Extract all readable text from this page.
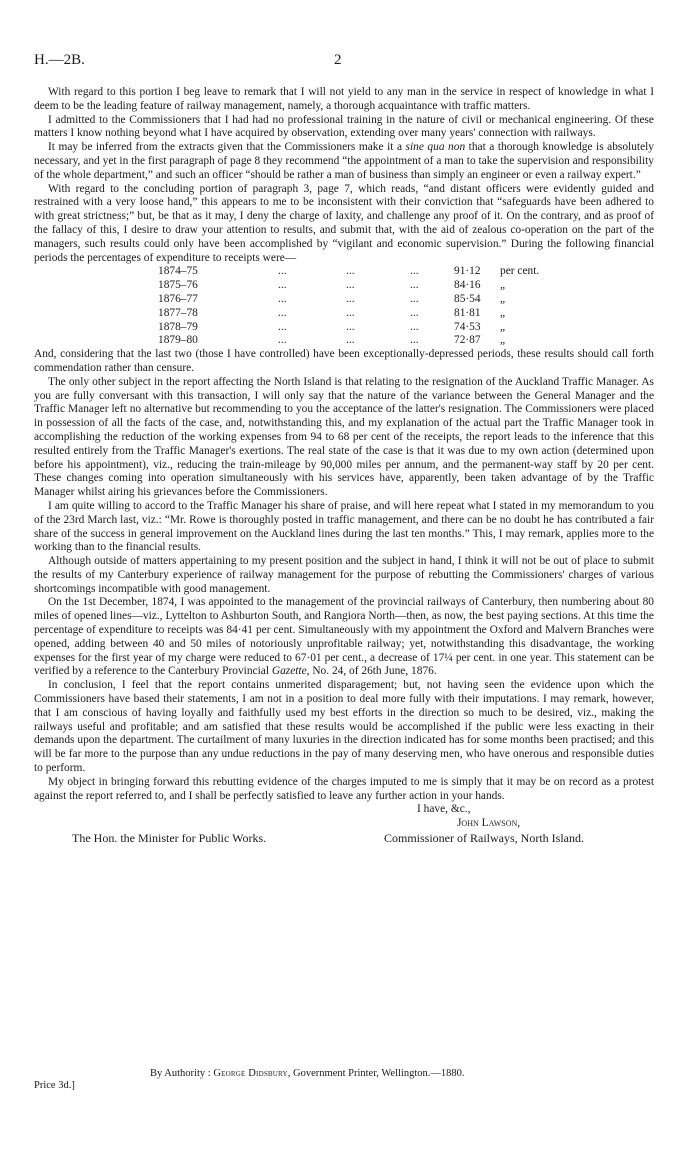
H.—2B.	2

With regard to this portion I beg leave to remark that I will not yield to any man in the service in respect of knowledge in what I deem to be the leading feature of railway management, namely, a thorough acquaintance with traffic matters.

I admitted to the Commissioners that I had had no professional training in the nature of civil or mechanical engineering. Of these matters I know nothing beyond what I have acquired by observation, extending over many years' connection with railways.

It may be inferred from the extracts given that the Commissioners make it a sine qua non that a thorough knowledge is absolutely necessary, and yet in the first paragraph of page 8 they recommend “the appointment of a man to take the supervision and responsibility of the whole department,” and such an officer “should be rather a man of business than simply an engineer or even a railway expert.”

With regard to the concluding portion of paragraph 3, page 7, which reads, “and distant officers were evidently guided and restrained with a very loose hand,” this appears to me to be inconsistent with their conviction that “safeguards have been adhered to with great strictness;” but, be that as it may, I deny the charge of laxity, and challenge any proof of it. On the contrary, and as proof of the fallacy of this, I desire to draw your attention to results, and submit that, with the aid of zealous co-operation on the part of the managers, such results could only have been accomplished by “vigilant and economic supervision.” During the following financial periods the percentages of expenditure to receipts were—

1874–75	...	...	...	91·12 per cent.
1875–76	...	...	...	84·16 „
1876–77	...	...	...	85·54 „
1877–78	...	...	...	81·81 „
1878–79	...	...	...	74·53 „
1879–80	...	...	...	72·87 „

And, considering that the last two (those I have controlled) have been exceptionally-depressed periods, these results should call forth commendation rather than censure.

The only other subject in the report affecting the North Island is that relating to the resignation of the Auckland Traffic Manager. As you are fully conversant with this transaction, I will only say that the nature of the variance between the General Manager and the Traffic Manager left no alternative but recommending to you the acceptance of the latter's resignation. The Commissioners were placed in possession of all the facts of the case, and, notwithstanding this, and my explanation of the actual part the Traffic Manager took in accomplishing the reduction of the working expenses from 94 to 68 per cent of the receipts, the report leads to the inference that this resulted entirely from the Traffic Manager's exertions. The real state of the case is that it was due to my own action (determined upon before his appointment), viz., reducing the train-mileage by 90,000 miles per annum, and the permanent-way staff by 20 per cent. These changes coming into operation simultaneously with his services have, apparently, been taken advantage of by the Traffic Manager whilst airing his grievances before the Commissioners.

I am quite willing to accord to the Traffic Manager his share of praise, and will here repeat what I stated in my memorandum to you of the 23rd March last, viz.: “Mr. Rowe is thoroughly posted in traffic management, and there can be no doubt he has contributed a fair share of the success in general improvement on the Auckland lines during the last ten months.” This, I may remark, applies more to the working than to the financial results.

Although outside of matters appertaining to my present position and the subject in hand, I think it will not be out of place to submit the results of my Canterbury experience of railway management for the purpose of rebutting the Commissioners' charges of various shortcomings incompatible with good management.

On the 1st December, 1874, I was appointed to the management of the provincial railways of Canterbury, then numbering about 80 miles of opened lines—viz., Lyttelton to Ashburton South, and Rangiora North—then, as now, the best paying sections. At this time the percentage of expenditure to receipts was 84·41 per cent. Simultaneously with my appointment the Oxford and Malvern Branches were opened, adding between 40 and 50 miles of notoriously unprofitable railway; yet, notwithstanding this disadvantage, the working expenses for the first year of my charge were reduced to 67·01 per cent., a decrease of 17¼ per cent. in one year. This statement can be verified by a reference to the Canterbury Provincial Gazette, No. 24, of 26th June, 1876.

In conclusion, I feel that the report contains unmerited disparagement; but, not having seen the evidence upon which the Commissioners have based their statements, I am not in a position to deal more fully with their imputations. I may remark, however, that I am conscious of having loyally and faithfully used my best efforts in the direction so much to be desired, viz., making the railways useful and profitable; and am satisfied that these results would be accomplished if the public were less exacting in their demands upon the department. The curtailment of many luxuries in the direction indicated has for some months been practised; and this will be far more to the purpose than any undue reductions in the pay of many deserving men, who have onerous and responsible duties to perform.

My object in bringing forward this rebutting evidence of the charges imputed to me is simply that it may be on record as a protest against the report referred to, and I shall be perfectly satisfied to leave any further action in your hands.

I have, &c.,
John Lawson,
The Hon. the Minister for Public Works.	Commissioner of Railways, North Island.
By Authority : George Didsbury, Government Printer, Wellington.—1880.
Price 3d.]
